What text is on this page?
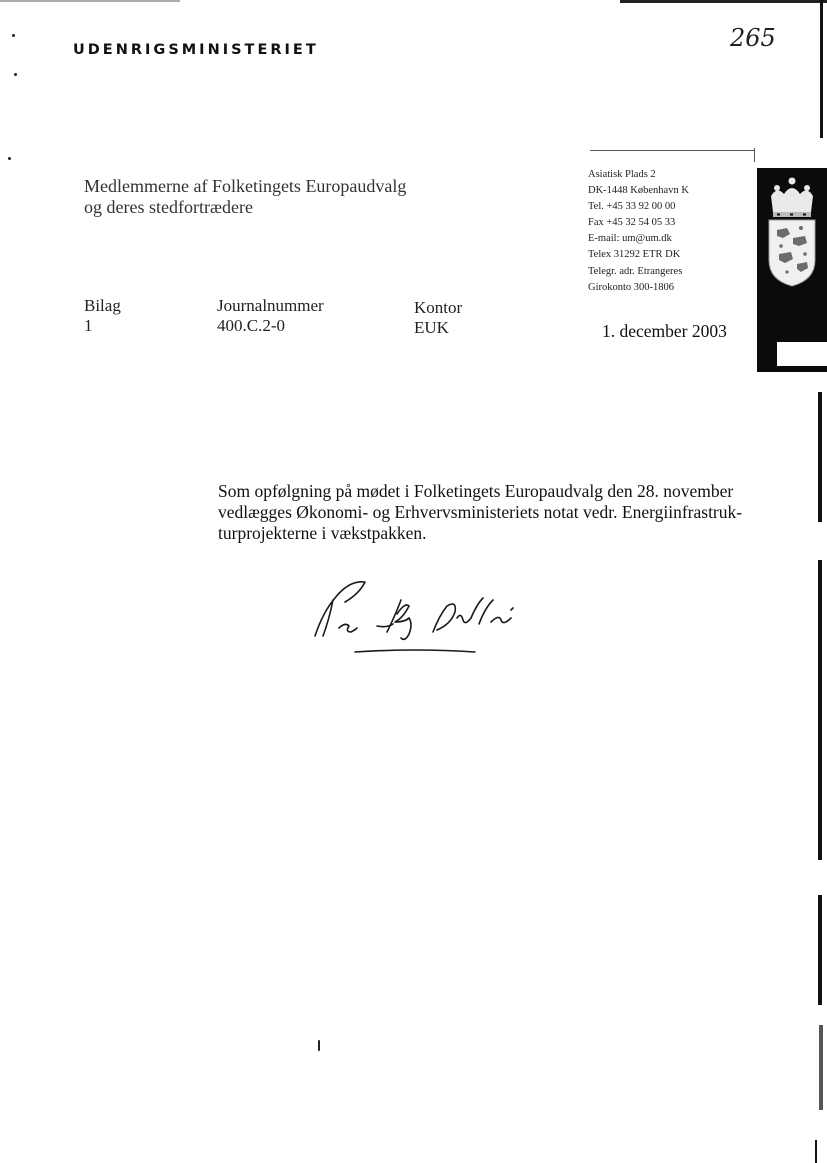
UDENRIGSMINISTERIET	265
Medlemmerne af Folketingets Europaudvalg
og deres stedfortrædere
Asiatisk Plads 2
DK-1448 København K
Tel. +45 33 92 00 00
Fax +45 32 54 05 33
E-mail: um@um.dk
Telex 31292 ETR DK
Telegr. adr. Etrangeres
Girokonto 300-1806
Bilag
1
Journalnummer
400.C.2-0
Kontor
EUK	1. december 2003
Som opfølgning på mødet i Folketingets Europaudvalg den 28. november
vedlægges Økonomi- og Erhvervsministeriets notat vedr. Energiinfrastruk-
turprojekterne i vækstpakken.
